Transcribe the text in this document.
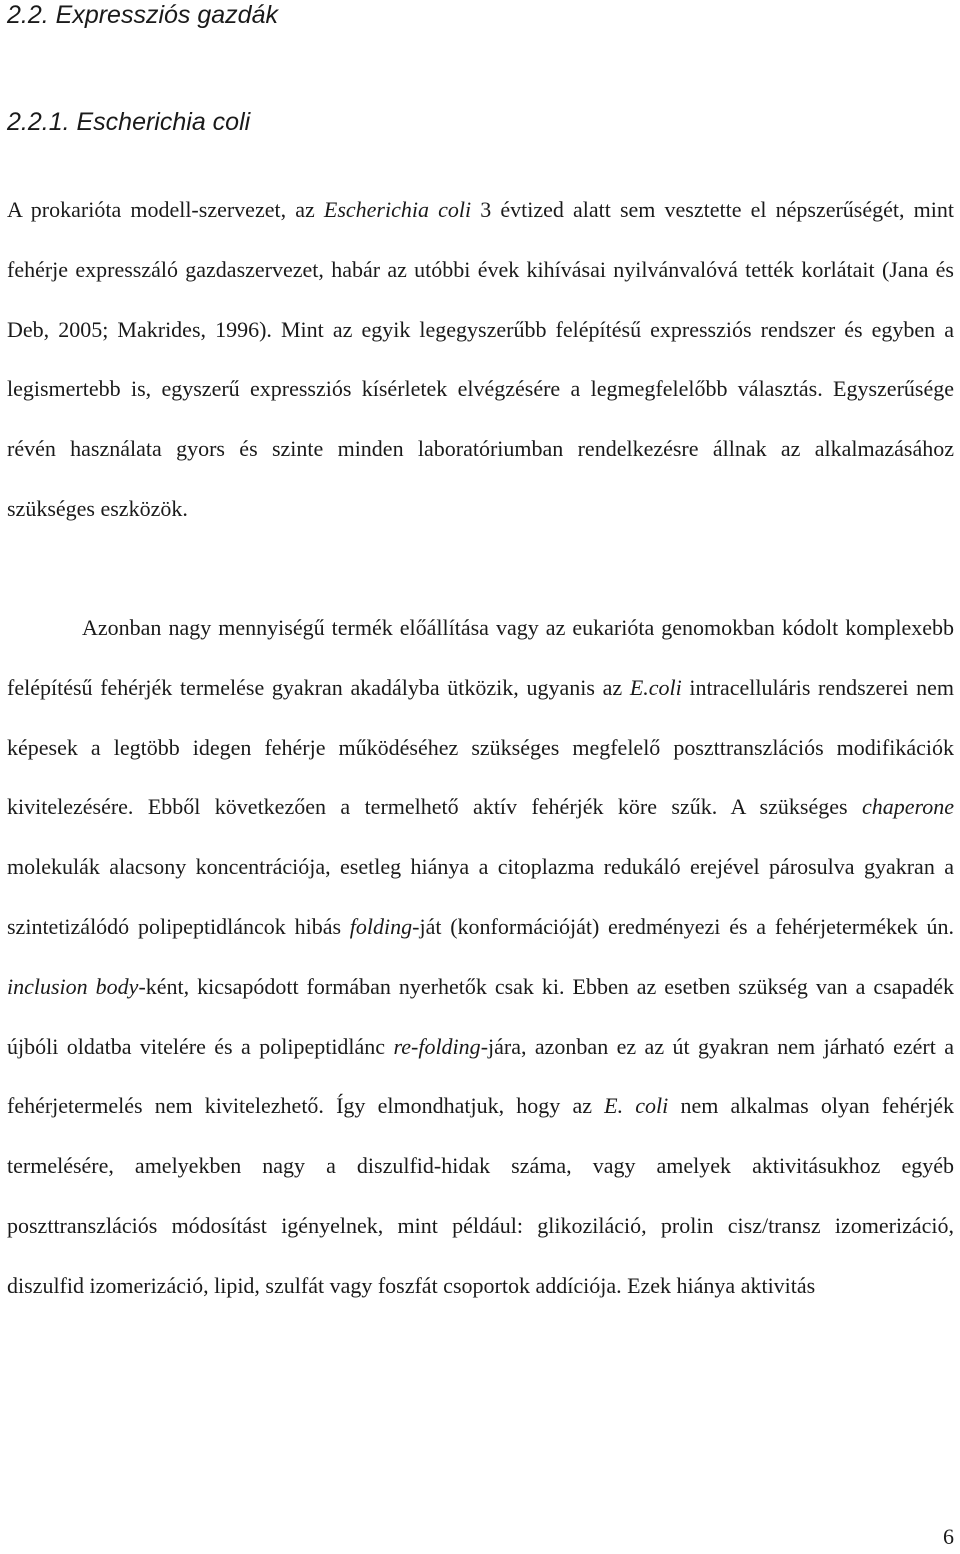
2.2. Expressziós gazdák
2.2.1. Escherichia coli

A prokarióta modell-szervezet, az Escherichia coli 3 évtized alatt sem vesztette el népszerűségét, mint fehérje expresszáló gazdaszervezet, habár az utóbbi évek kihívásai nyilvánvalóvá tették korlátait (Jana és Deb, 2005; Makrides, 1996). Mint az egyik legegyszerűbb felépítésű expressziós rendszer és egyben a legismertebb is, egyszerű expressziós kísérletek elvégzésére a legmegfelelőbb választás. Egyszerűsége révén használata gyors és szinte minden laboratóriumban rendelkezésre állnak az alkalmazásához szükséges eszközök.

Azonban nagy mennyiségű termék előállítása vagy az eukarióta genomokban kódolt komplexebb felépítésű fehérjék termelése gyakran akadályba ütközik, ugyanis az E.coli intracelluláris rendszerei nem képesek a legtöbb idegen fehérje működéséhez szükséges megfelelő poszttranszlációs modifikációk kivitelezésére. Ebből következően a termelhető aktív fehérjék köre szűk. A szükséges chaperone molekulák alacsony koncentrációja, esetleg hiánya a citoplazma redukáló erejével párosulva gyakran a szintetizálódó polipeptidláncok hibás folding-ját (konformációját) eredményezi és a fehérjetermékek ún. inclusion body-ként, kicsapódott formában nyerhetők csak ki. Ebben az esetben szükség van a csapadék újbóli oldatba vitelére és a polipeptidlánc re-folding-jára, azonban ez az út gyakran nem járható ezért a fehérjetermelés nem kivitelezhető. Így elmondhatjuk, hogy az E. coli nem alkalmas olyan fehérjék termelésére, amelyekben nagy a diszulfid-hidak száma, vagy amelyek aktivitásukhoz egyéb poszttranszlációs módosítást igényelnek, mint például: glikoziláció, prolin cisz/transz izomerizáció, diszulfid izomerizáció, lipid, szulfát vagy foszfát csoportok addíciója. Ezek hiánya aktivitás

6
